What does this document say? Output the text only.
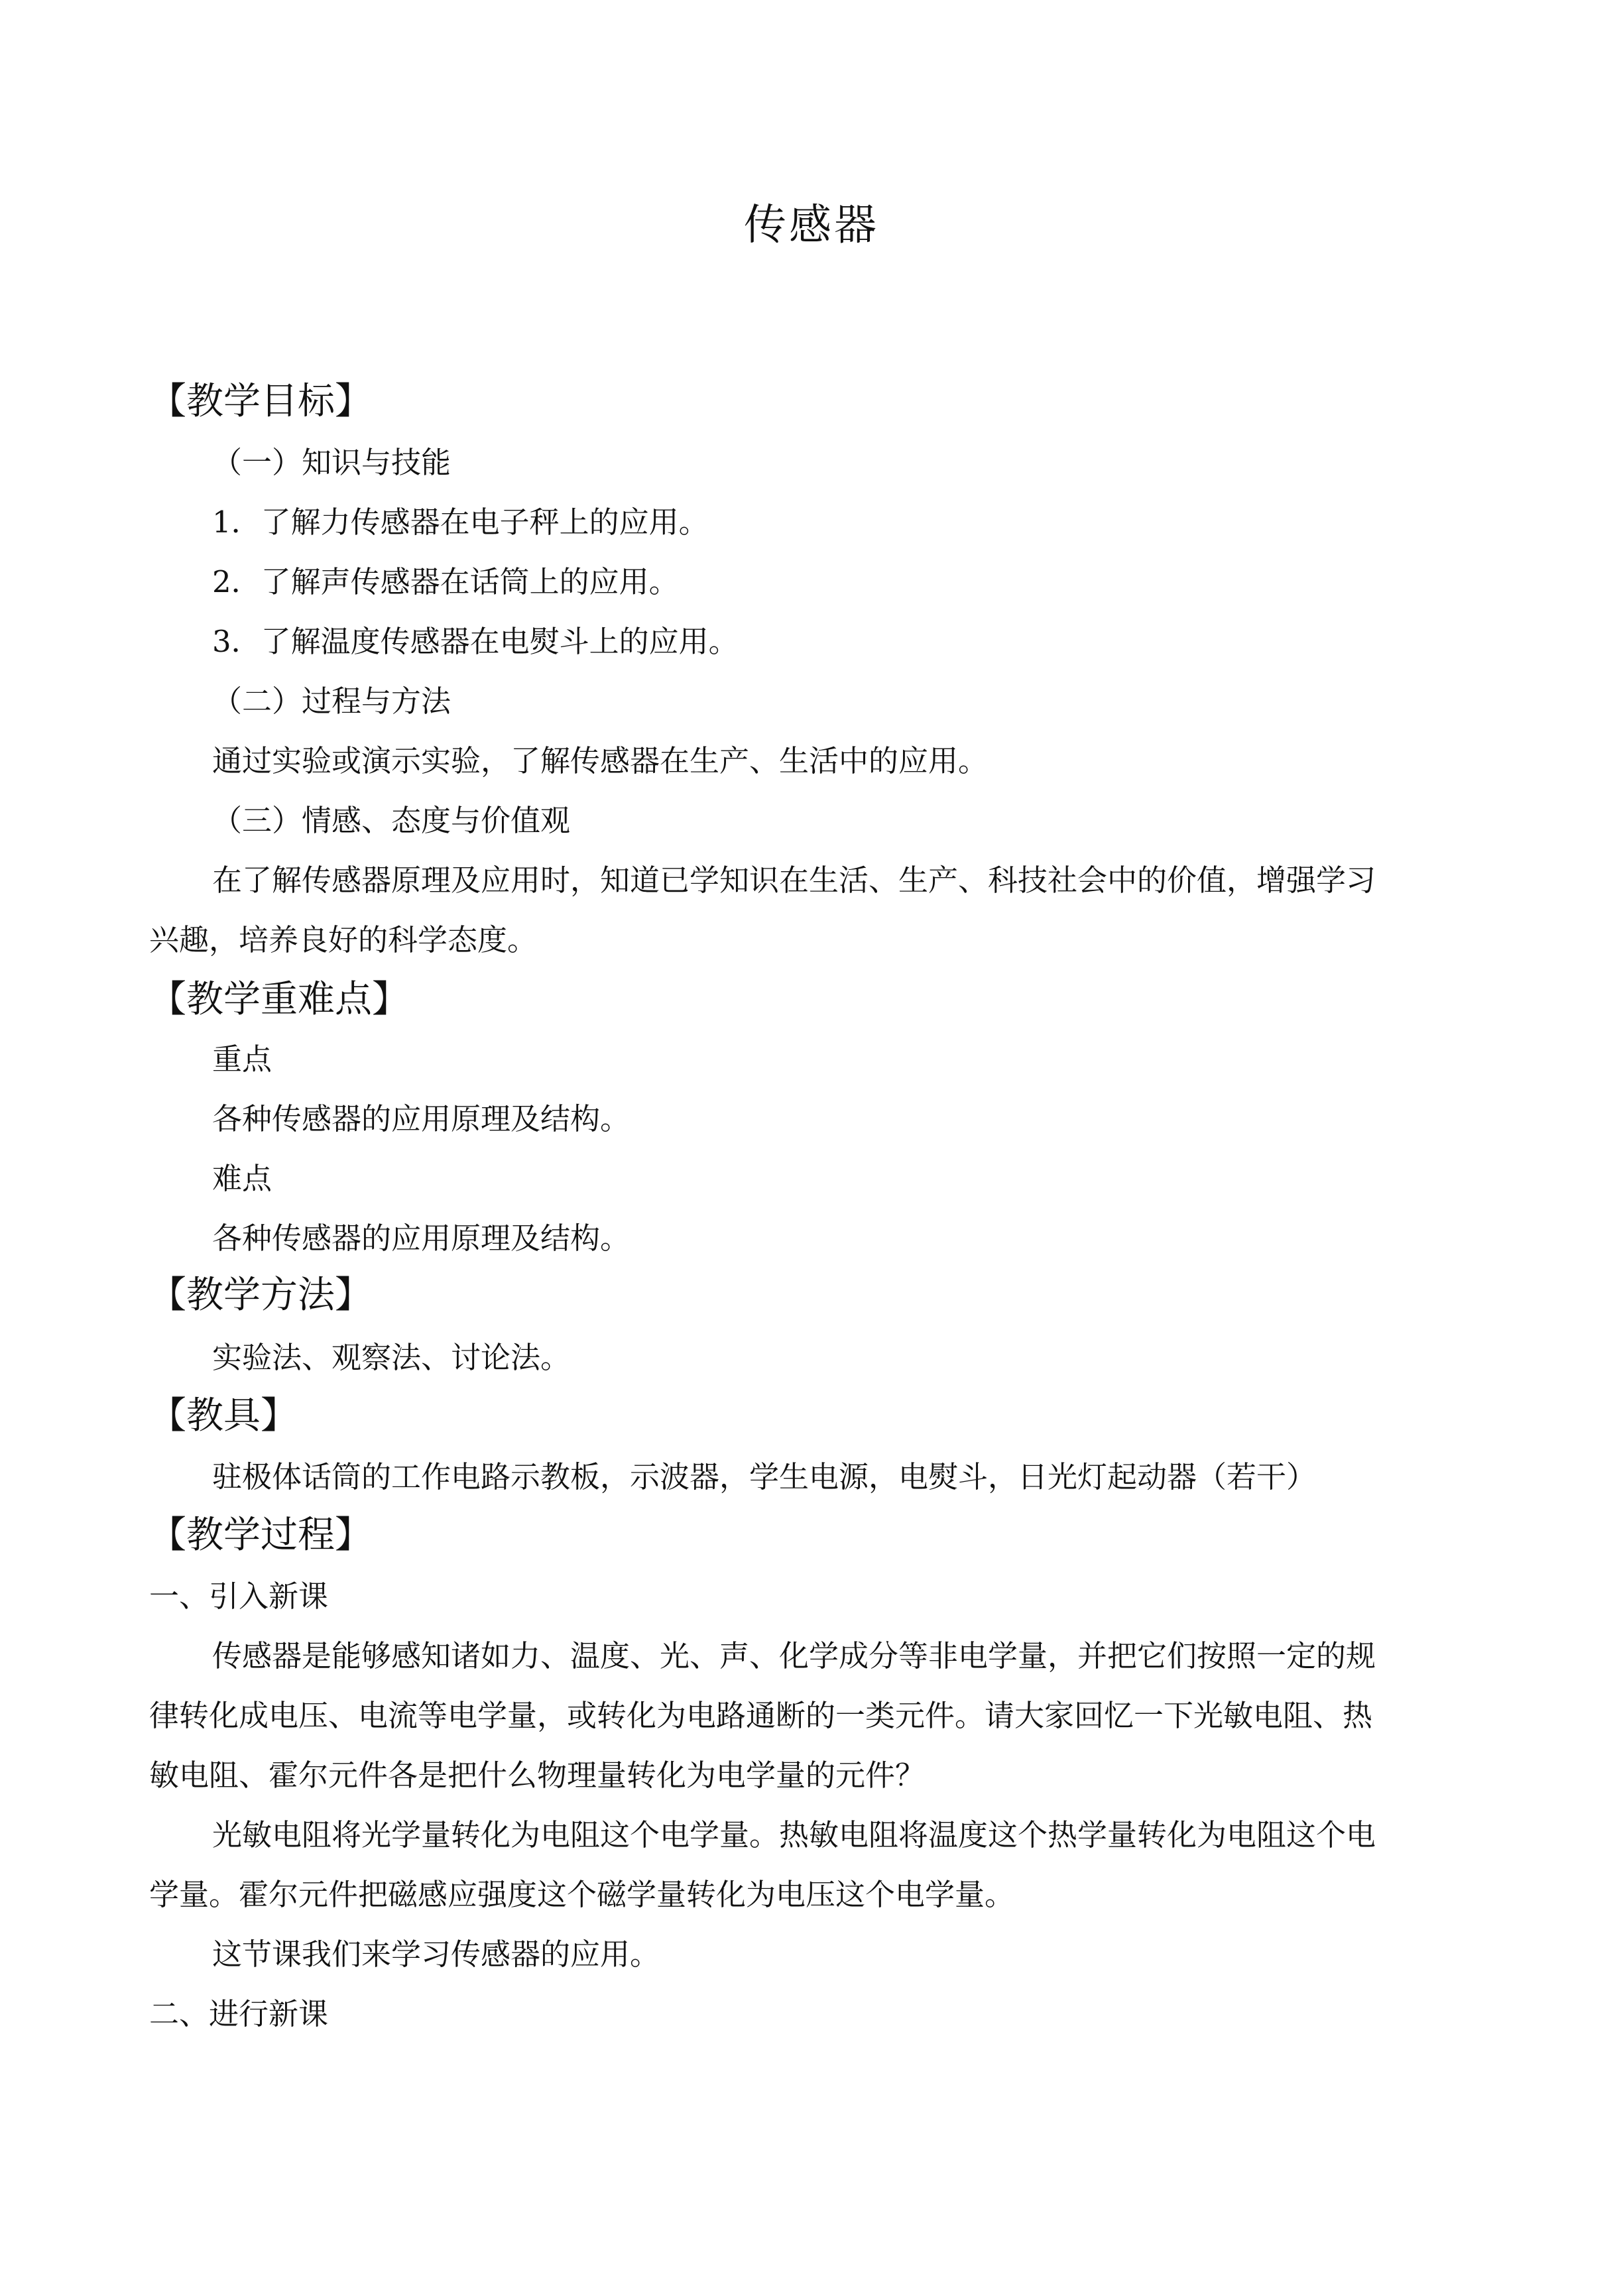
传感器
【教学目标】
（一）知识与技能
1．了解力传感器在电子秤上的应用。
2．了解声传感器在话筒上的应用。
3．了解温度传感器在电熨斗上的应用。
（二）过程与方法
通过实验或演示实验，了解传感器在生产、生活中的应用。
（三）情感、态度与价值观
在了解传感器原理及应用时，知道已学知识在生活、生产、科技社会中的价值，增强学习
兴趣，培养良好的科学态度。
【教学重难点】
重点
各种传感器的应用原理及结构。
难点
各种传感器的应用原理及结构。
【教学方法】
实验法、观察法、讨论法。
【教具】
驻极体话筒的工作电路示教板，示波器，学生电源，电熨斗，日光灯起动器（若干）
【教学过程】
一、引入新课
传感器是能够感知诸如力、温度、光、声、化学成分等非电学量，并把它们按照一定的规
律转化成电压、电流等电学量，或转化为电路通断的一类元件。请大家回忆一下光敏电阻、热
敏电阻、霍尔元件各是把什么物理量转化为电学量的元件？
光敏电阻将光学量转化为电阻这个电学量。热敏电阻将温度这个热学量转化为电阻这个电
学量。霍尔元件把磁感应强度这个磁学量转化为电压这个电学量。
这节课我们来学习传感器的应用。
二、进行新课
